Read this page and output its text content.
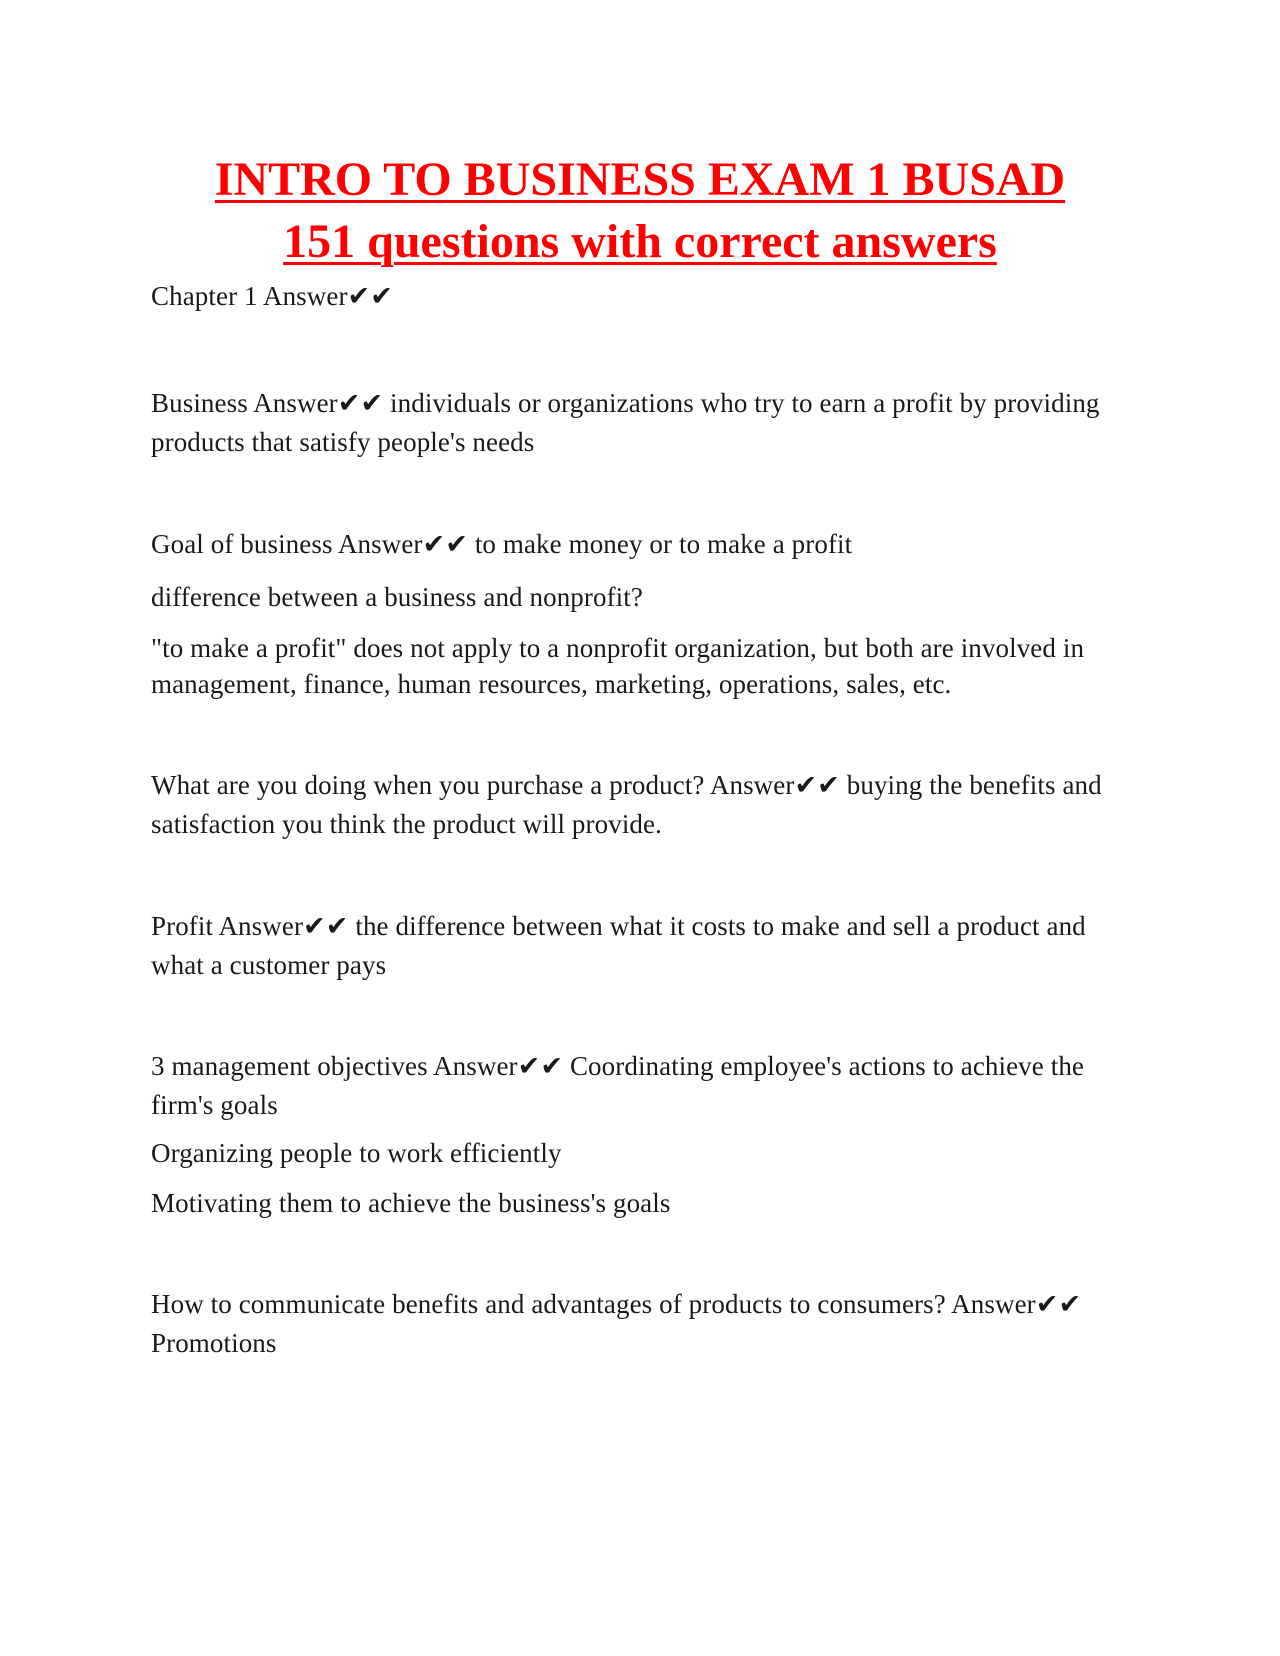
INTRO TO BUSINESS EXAM 1 BUSAD
151 questions with correct answers

Chapter 1 Answer✔✔

Business Answer✔✔ individuals or organizations who try to earn a profit by providing products that satisfy people's needs

Goal of business Answer✔✔ to make money or to make a profit

difference between a business and nonprofit?

"to make a profit" does not apply to a nonprofit organization, but both are involved in management, finance, human resources, marketing, operations, sales, etc.

What are you doing when you purchase a product? Answer✔✔ buying the benefits and satisfaction you think the product will provide.

Profit Answer✔✔ the difference between what it costs to make and sell a product and what a customer pays

3 management objectives Answer✔✔ Coordinating employee's actions to achieve the firm's goals

Organizing people to work efficiently

Motivating them to achieve the business's goals

How to communicate benefits and advantages of products to consumers? Answer✔✔ Promotions
